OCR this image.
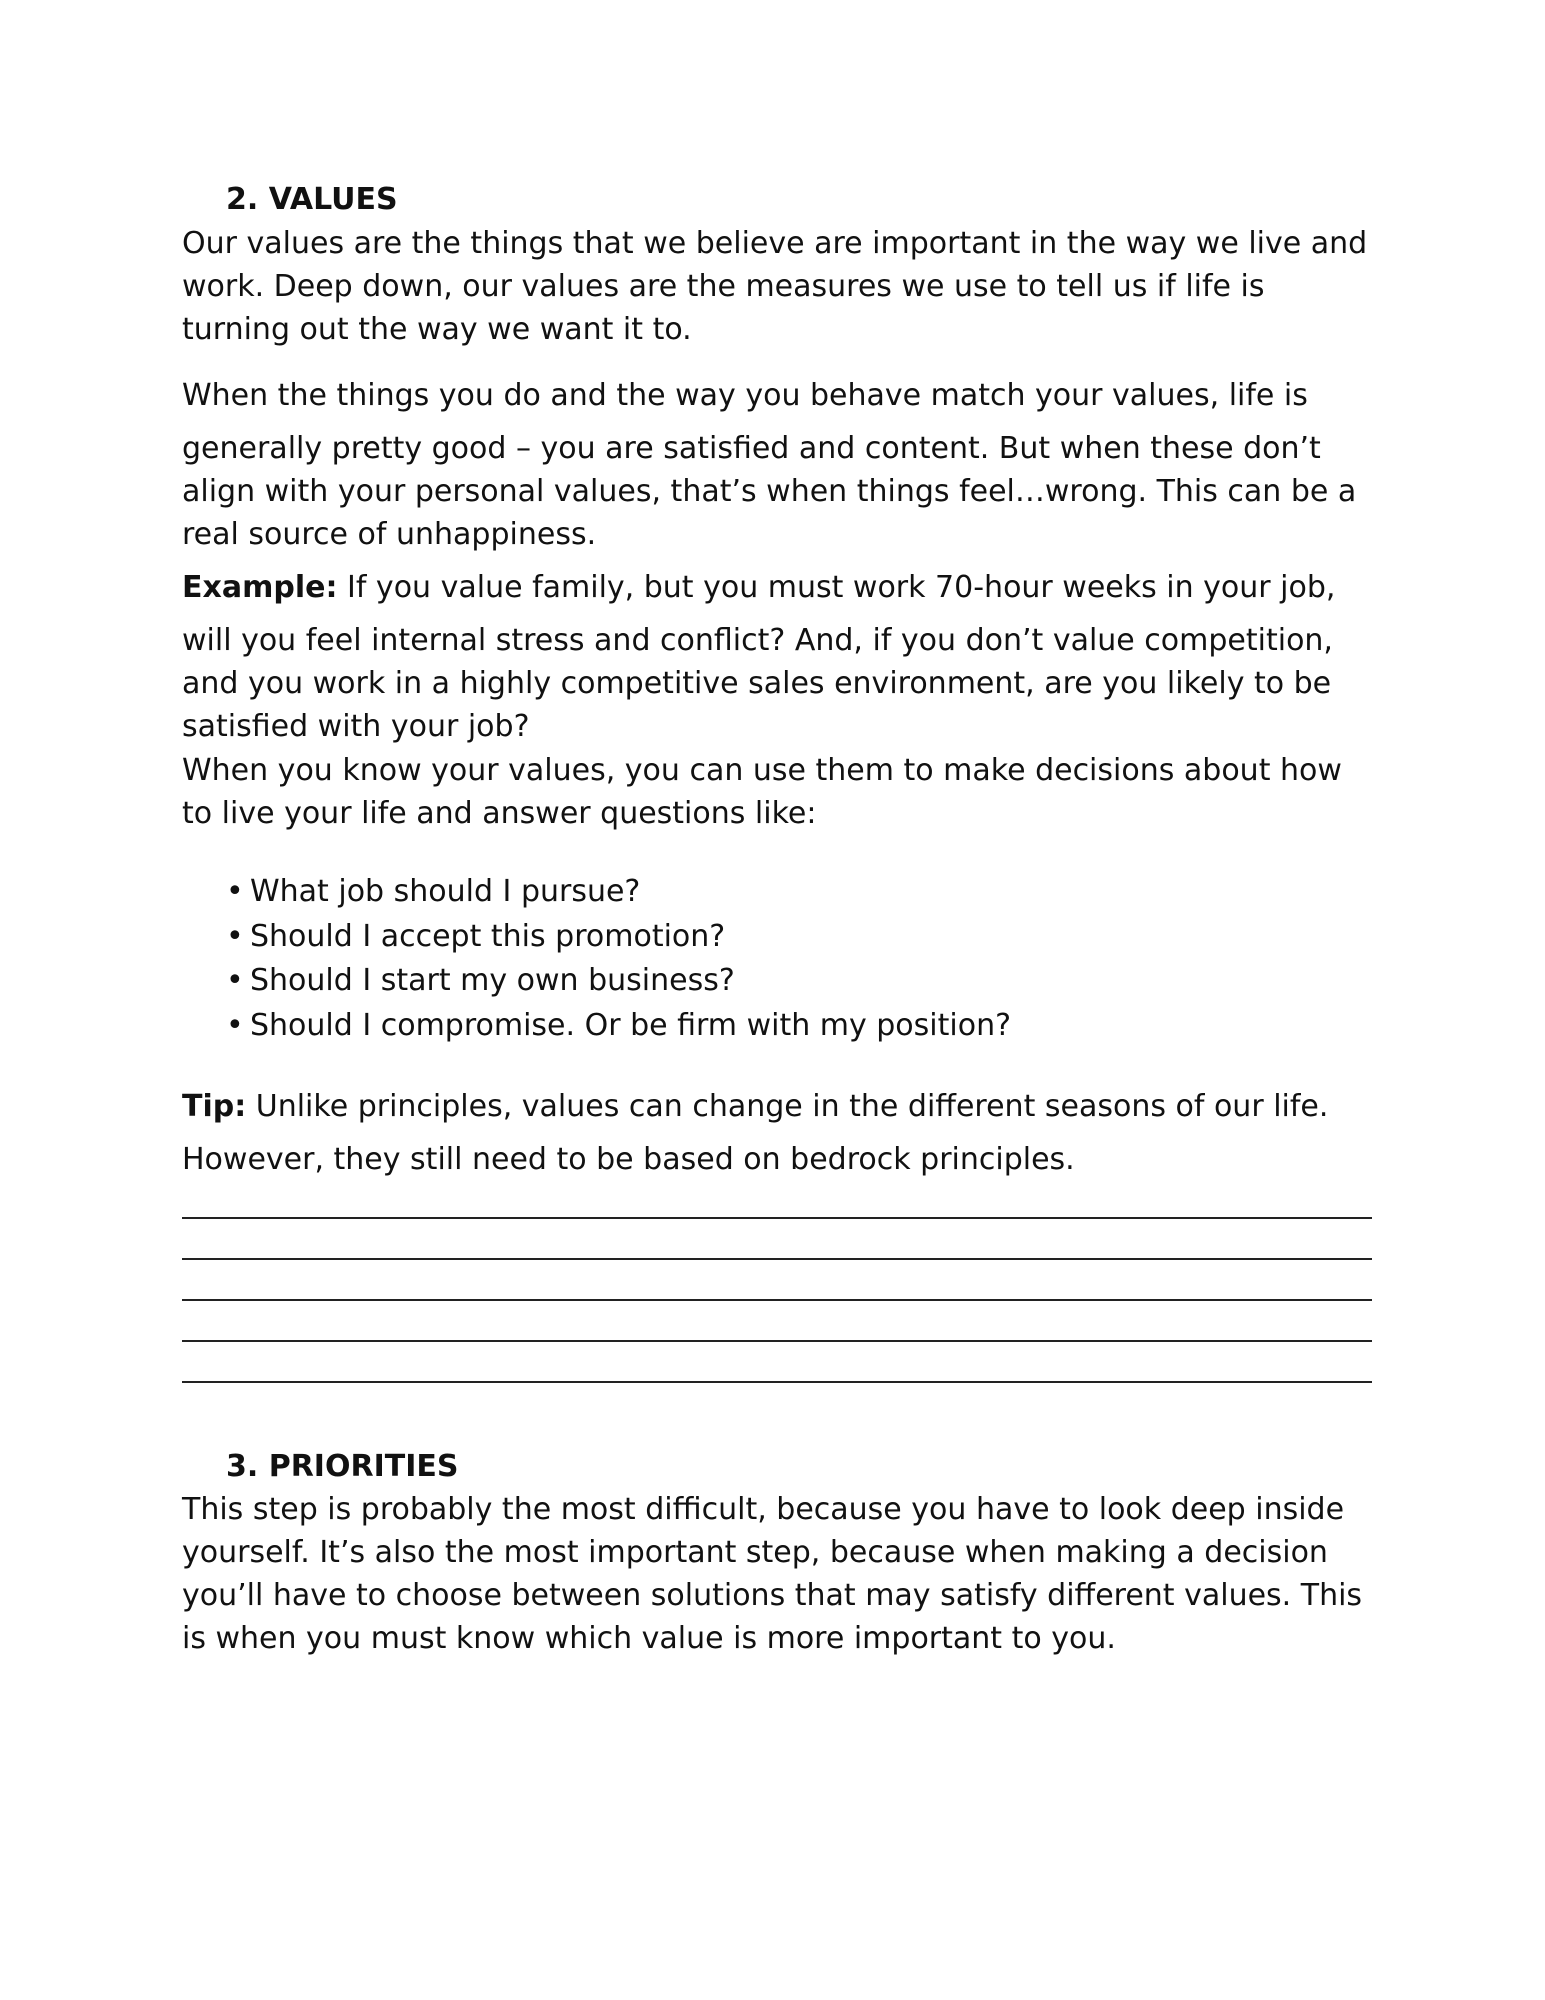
2. VALUES

Our values are the things that we believe are important in the way we live and
work. Deep down, our values are the measures we use to tell us if life is
turning out the way we want it to.

When the things you do and the way you behave match your values, life is
generally pretty good – you are satisfied and content. But when these don’t
align with your personal values, that’s when things feel…wrong. This can be a
real source of unhappiness.

Example: If you value family, but you must work 70-hour weeks in your job,
will you feel internal stress and conflict? And, if you don’t value competition,
and you work in a highly competitive sales environment, are you likely to be
satisfied with your job?

When you know your values, you can use them to make decisions about how
to live your life and answer questions like:

• What job should I pursue?
• Should I accept this promotion?
• Should I start my own business?
• Should I compromise. Or be firm with my position?

Tip: Unlike principles, values can change in the different seasons of our life.
However, they still need to be based on bedrock principles.

3. PRIORITIES

This step is probably the most difficult, because you have to look deep inside
yourself. It’s also the most important step, because when making a decision
you’ll have to choose between solutions that may satisfy different values. This
is when you must know which value is more important to you.
